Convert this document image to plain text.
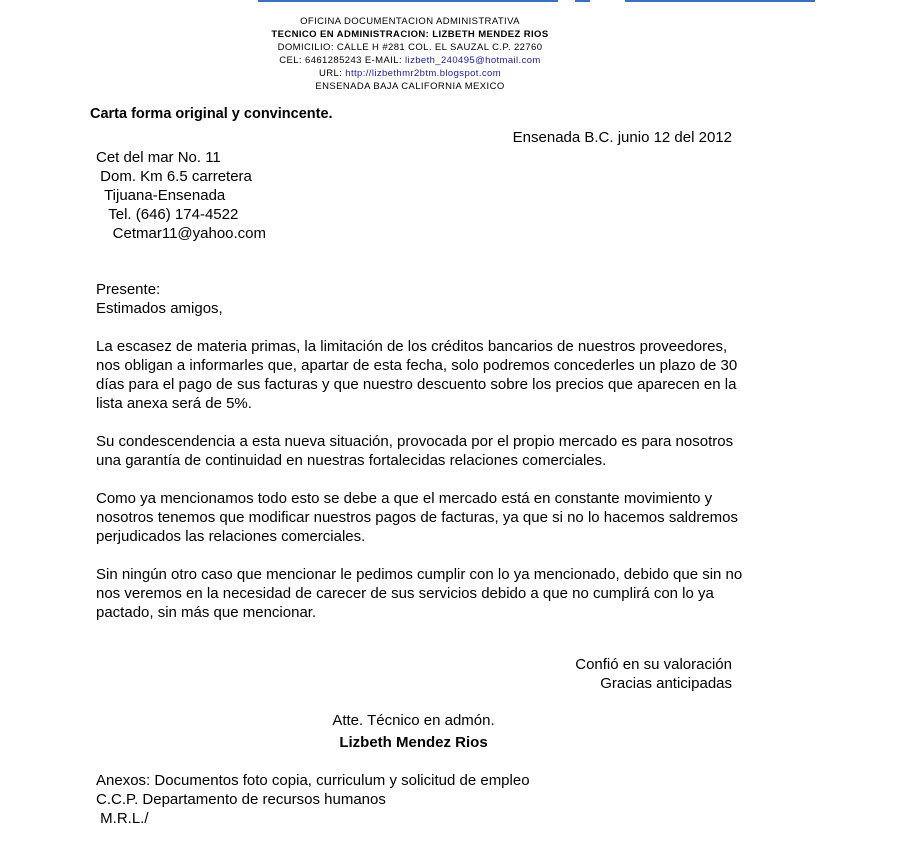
OFICINA DOCUMENTACION ADMINISTRATIVA
TECNICO EN ADMINISTRACION: LIZBETH MENDEZ RIOS
DOMICILIO: CALLE H #281 COL. EL SAUZAL C.P. 22760
CEL: 6461285243 E-MAIL: lizbeth_240495@hotmail.com
URL: http://lizbethmr2btm.blogspot.com
ENSENADA BAJA CALIFORNIA MEXICO
Carta forma original y convincente.
Ensenada B.C. junio 12 del 2012
Cet del mar No. 11
Dom. Km 6.5 carretera
Tijuana-Ensenada
Tel. (646) 174-4522
Cetmar11@yahoo.com

Presente:

Estimados amigos,

La escasez de materia primas, la limitación de los créditos bancarios de nuestros proveedores, nos obligan a informarles que, apartar de esta fecha, solo podremos concederles un plazo de 30 días para el pago de sus facturas y que nuestro descuento sobre los precios que aparecen en la lista anexa será de 5%.

Su condescendencia a esta nueva situación, provocada por el propio mercado es para nosotros una garantía de continuidad en nuestras fortalecidas relaciones comerciales.

Como ya mencionamos todo esto se debe a que el mercado está en constante movimiento y nosotros tenemos que modificar nuestros pagos de facturas, ya que si no lo hacemos saldremos perjudicados las relaciones comerciales.

Sin ningún otro caso que mencionar le pedimos cumplir con lo ya mencionado, debido que sin no nos veremos en la necesidad de carecer de sus servicios debido a que no cumplirá con lo ya pactado, sin más que mencionar.

Confió en su valoración
Gracias anticipadas
Atte. Técnico en admón.
Lizbeth Mendez Rios
Anexos: Documentos foto copia, curriculum y solicitud de empleo
C.C.P. Departamento de recursos humanos
M.R.L./
